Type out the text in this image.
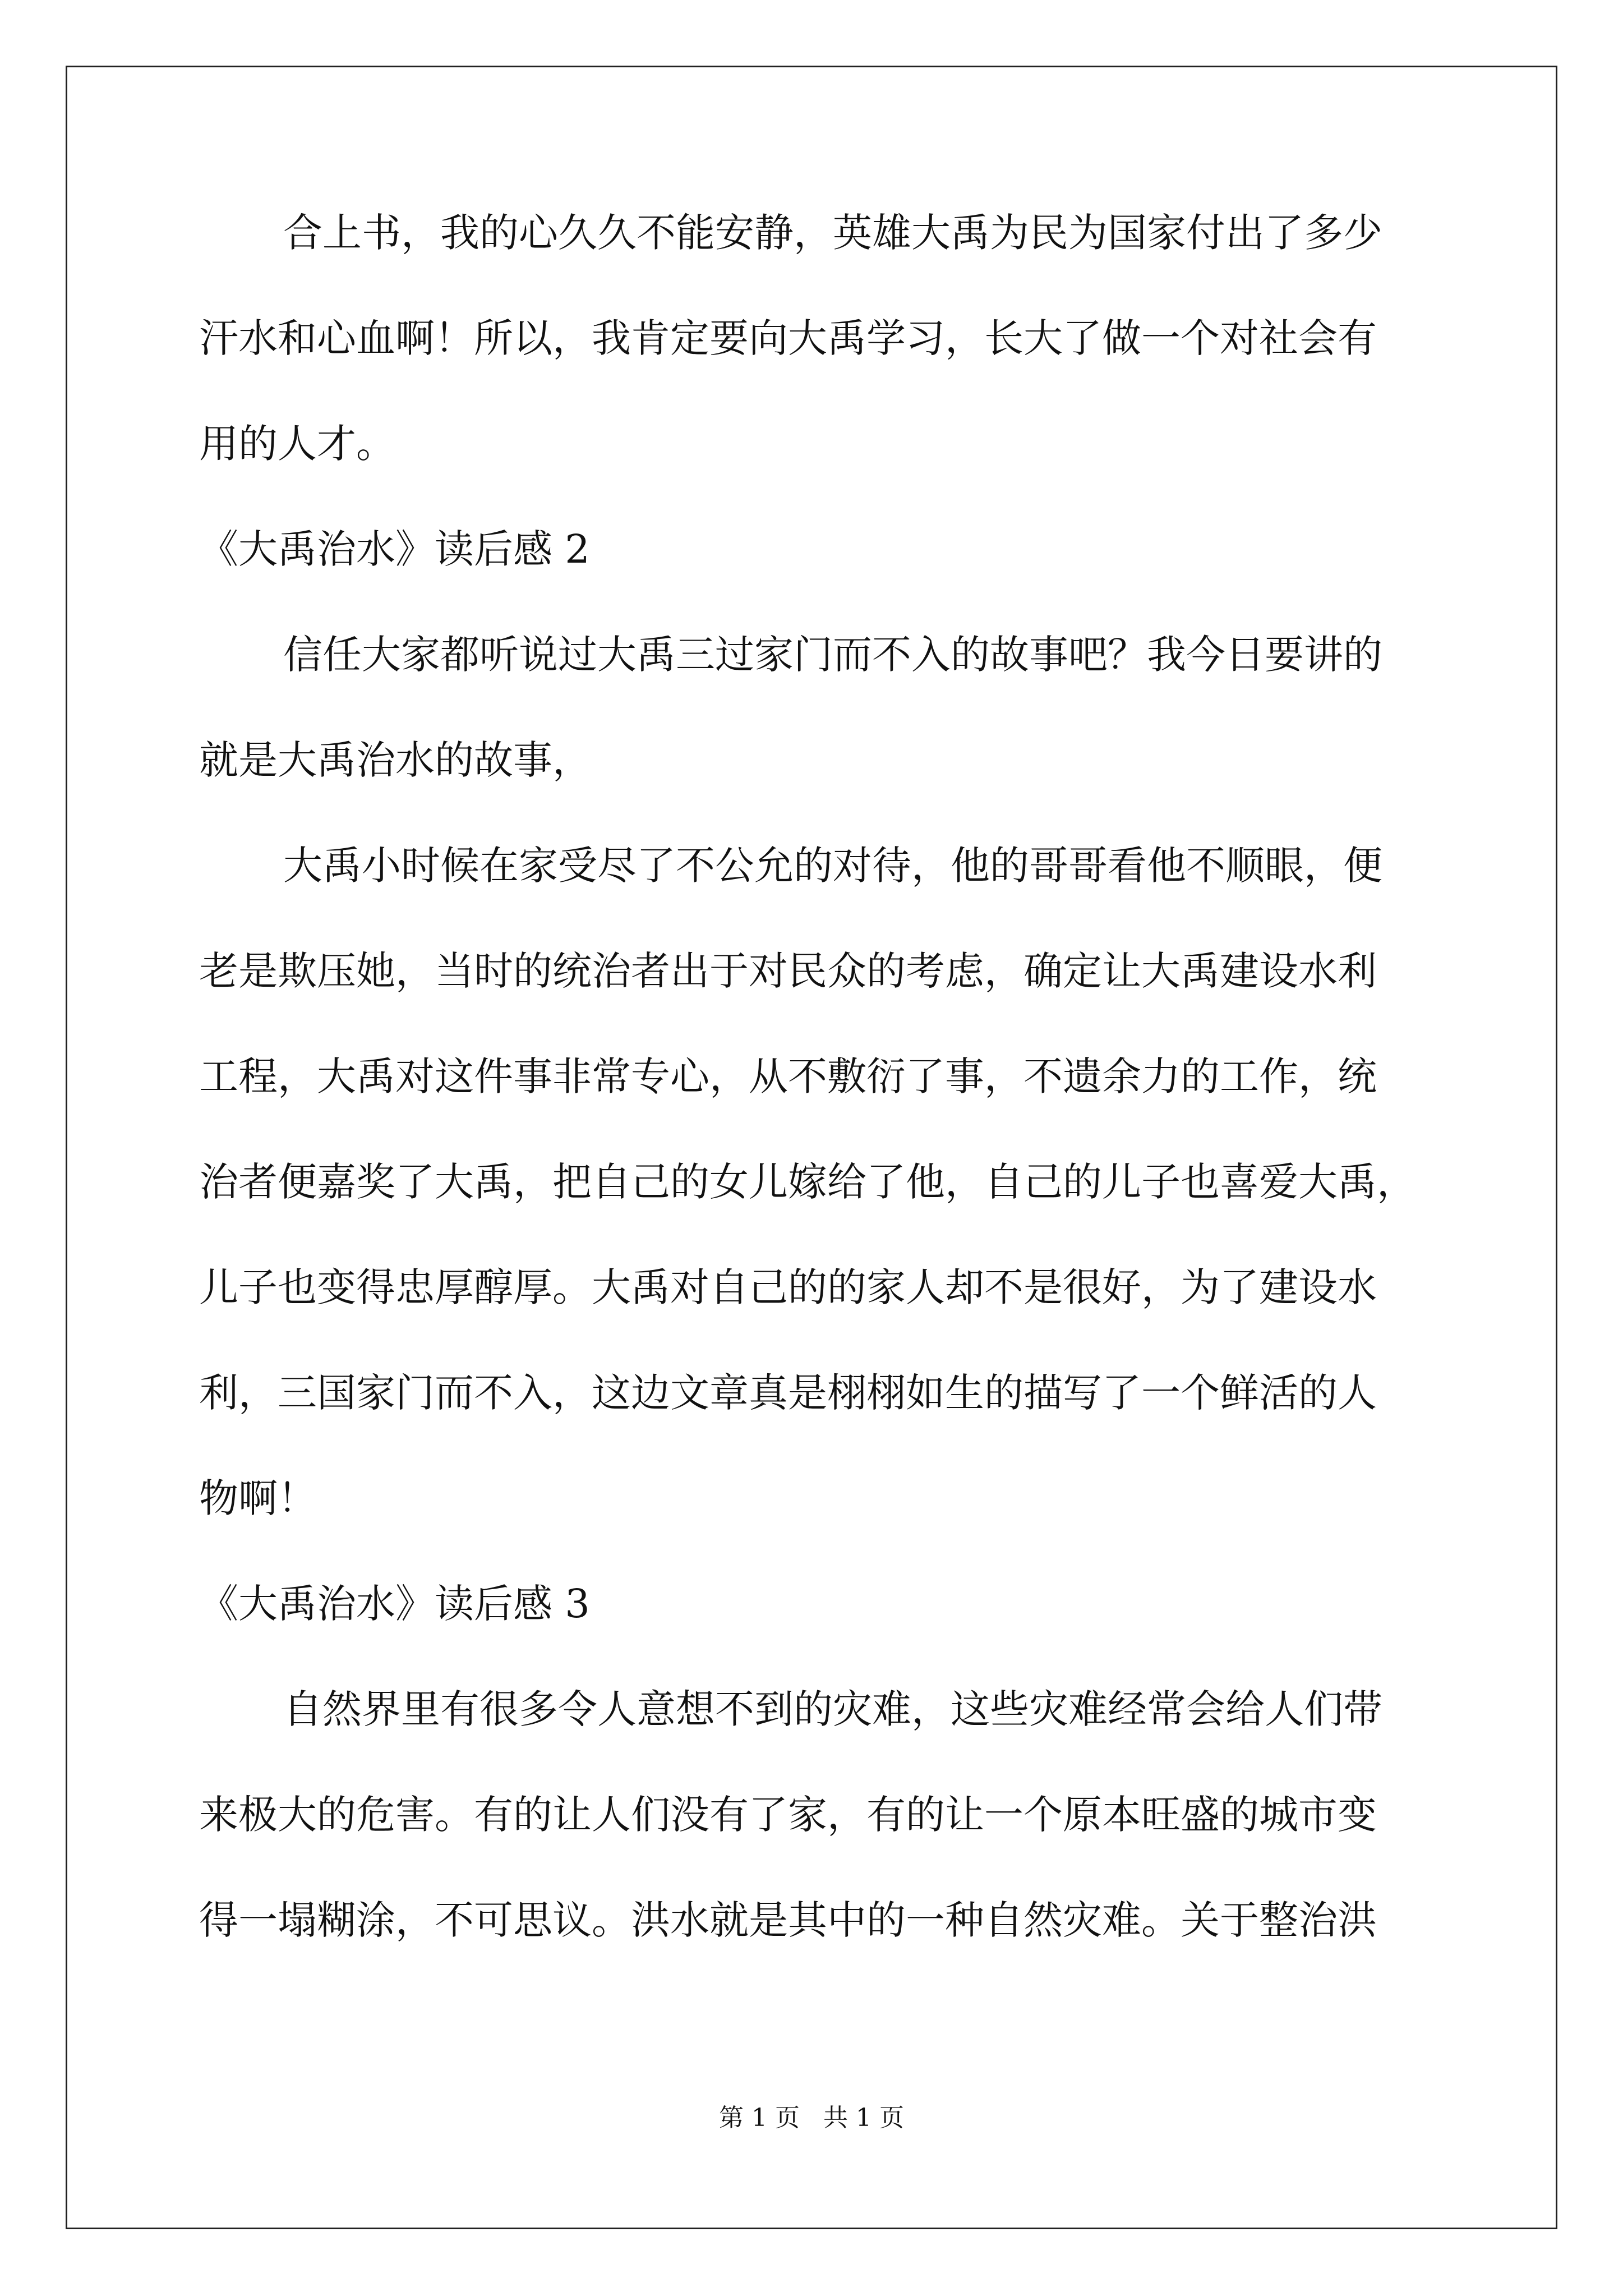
合上书，我的心久久不能安静，英雄大禹为民为国家付出了多少
汗水和心血啊！所以，我肯定要向大禹学习，长大了做一个对社会有
用的人才。
《大禹治水》读后感 2
信任大家都听说过大禹三过家门而不入的故事吧？我今日要讲的
就是大禹治水的故事，
大禹小时候在家受尽了不公允的对待，他的哥哥看他不顺眼，便
老是欺压她，当时的统治者出于对民众的考虑，确定让大禹建设水利
工程，大禹对这件事非常专心，从不敷衍了事，不遗余力的工作，统
治者便嘉奖了大禹，把自己的女儿嫁给了他，自己的儿子也喜爱大禹，
儿子也变得忠厚醇厚。大禹对自己的的家人却不是很好，为了建设水
利，三国家门而不入，这边文章真是栩栩如生的描写了一个鲜活的人
物啊！
《大禹治水》读后感 3
自然界里有很多令人意想不到的灾难，这些灾难经常会给人们带
来极大的危害。有的让人们没有了家，有的让一个原本旺盛的城市变
得一塌糊涂，不可思议。洪水就是其中的一种自然灾难。关于整治洪
第 1 页   共 1 页
